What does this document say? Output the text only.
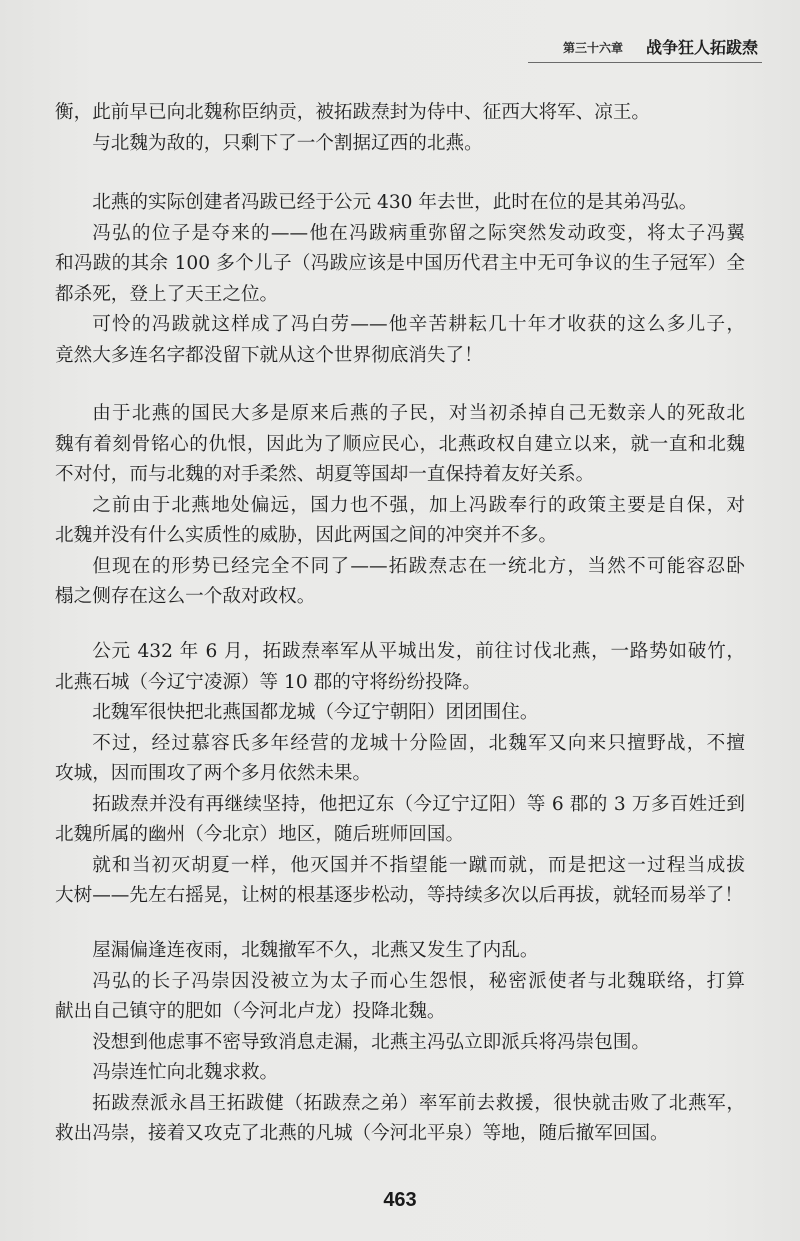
第三十六章 战争狂人拓跋焘
衡，此前早已向北魏称臣纳贡，被拓跋焘封为侍中、征西大将军、凉王。
与北魏为敌的，只剩下了一个割据辽西的北燕。
北燕的实际创建者冯跋已经于公元 430 年去世，此时在位的是其弟冯弘。
冯弘的位子是夺来的——他在冯跋病重弥留之际突然发动政变，将太子冯翼
和冯跋的其余 100 多个儿子（冯跋应该是中国历代君主中无可争议的生子冠军）全
都杀死，登上了天王之位。
可怜的冯跋就这样成了冯白劳——他辛苦耕耘几十年才收获的这么多儿子，
竟然大多连名字都没留下就从这个世界彻底消失了！
由于北燕的国民大多是原来后燕的子民，对当初杀掉自己无数亲人的死敌北
魏有着刻骨铭心的仇恨，因此为了顺应民心，北燕政权自建立以来，就一直和北魏
不对付，而与北魏的对手柔然、胡夏等国却一直保持着友好关系。
之前由于北燕地处偏远，国力也不强，加上冯跋奉行的政策主要是自保，对
北魏并没有什么实质性的威胁，因此两国之间的冲突并不多。
但现在的形势已经完全不同了——拓跋焘志在一统北方，当然不可能容忍卧
榻之侧存在这么一个敌对政权。
公元 432 年 6 月，拓跋焘率军从平城出发，前往讨伐北燕，一路势如破竹，
北燕石城（今辽宁凌源）等 10 郡的守将纷纷投降。
北魏军很快把北燕国都龙城（今辽宁朝阳）团团围住。
不过，经过慕容氏多年经营的龙城十分险固，北魏军又向来只擅野战，不擅
攻城，因而围攻了两个多月依然未果。
拓跋焘并没有再继续坚持，他把辽东（今辽宁辽阳）等 6 郡的 3 万多百姓迁到
北魏所属的幽州（今北京）地区，随后班师回国。
就和当初灭胡夏一样，他灭国并不指望能一蹴而就，而是把这一过程当成拔
大树——先左右摇晃，让树的根基逐步松动，等持续多次以后再拔，就轻而易举了！
屋漏偏逢连夜雨，北魏撤军不久，北燕又发生了内乱。
冯弘的长子冯崇因没被立为太子而心生怨恨，秘密派使者与北魏联络，打算
献出自己镇守的肥如（今河北卢龙）投降北魏。
没想到他虑事不密导致消息走漏，北燕主冯弘立即派兵将冯崇包围。
冯崇连忙向北魏求救。
拓跋焘派永昌王拓跋健（拓跋焘之弟）率军前去救援，很快就击败了北燕军，
救出冯崇，接着又攻克了北燕的凡城（今河北平泉）等地，随后撤军回国。
463
